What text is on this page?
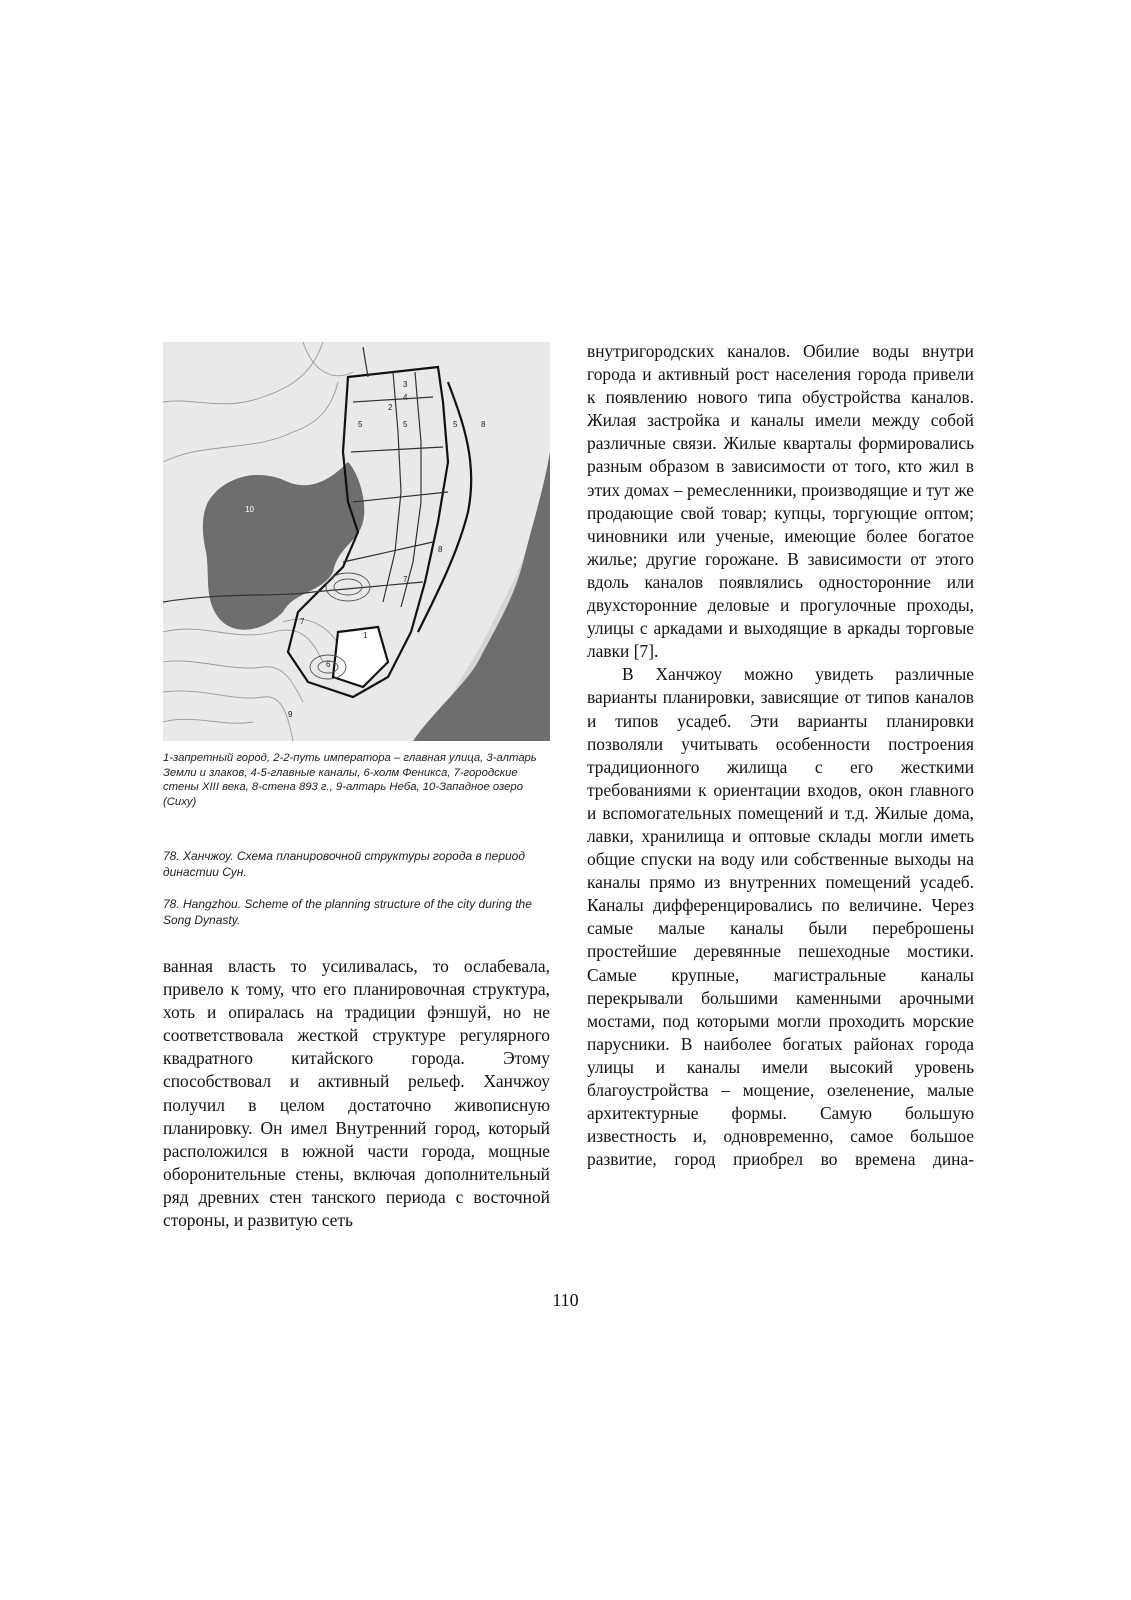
2
3
4
5	5	5	8
8
7
7
6
1
9
10

1-запретный город, 2-2-путь императора – главная улица, 3-алтарь Земли и злаков, 4-5-главные каналы, 6-холм Феникса, 7-городские стены XIII века, 8-стена 893 г., 9-алтарь Неба, 10-Западное озеро (Сиху)

78. Ханчжоу. Схема планировочной структуры города в период династии Сун.

78. Hangzhou. Scheme of the planning structure of the city during the Song Dynasty.

ванная власть то усиливалась, то ослабевала, привело к тому, что его планировочная структура, хоть и опиралась на традиции фэншуй, но не соответствовала жесткой структуре регулярного квадратного китайского города. Этому способствовал и активный рельеф. Ханчжоу получил в целом достаточно живописную планировку. Он имел Внутренний город, который расположился в южной части города, мощные оборонительные стены, включая дополнительный ряд древних стен танского периода с восточной стороны, и развитую сеть

внутригородских каналов. Обилие воды внутри города и активный рост населения города привели к появлению нового типа обустройства каналов. Жилая застройка и каналы имели между собой различные связи. Жилые кварталы формировались разным образом в зависимости от того, кто жил в этих домах – ремесленники, производящие и тут же продающие свой товар; купцы, торгующие оптом; чиновники или ученые, имеющие более богатое жилье; другие горожане. В зависимости от этого вдоль каналов появлялись односторонние или двухсторонние деловые и прогулочные проходы, улицы с аркадами и выходящие в аркады торговые лавки [7].

В Ханчжоу можно увидеть различные варианты планировки, зависящие от типов каналов и типов усадеб. Эти варианты планировки позволяли учитывать особенности построения традиционного жилища с его жесткими требованиями к ориентации входов, окон главного и вспомогательных помещений и т.д. Жилые дома, лавки, хранилища и оптовые склады могли иметь общие спуски на воду или собственные выходы на каналы прямо из внутренних помещений усадеб. Каналы дифференцировались по величине. Через самые малые каналы были переброшены простейшие деревянные пешеходные мостики. Самые крупные, магистральные каналы перекрывали большими каменными арочными мостами, под которыми могли проходить морские парусники. В наиболее богатых районах города улицы и каналы имели высокий уровень благоустройства – мощение, озеленение, малые архитектурные формы. Самую большую известность и, одновременно, самое большое развитие, город приобрел во времена дина-

110
